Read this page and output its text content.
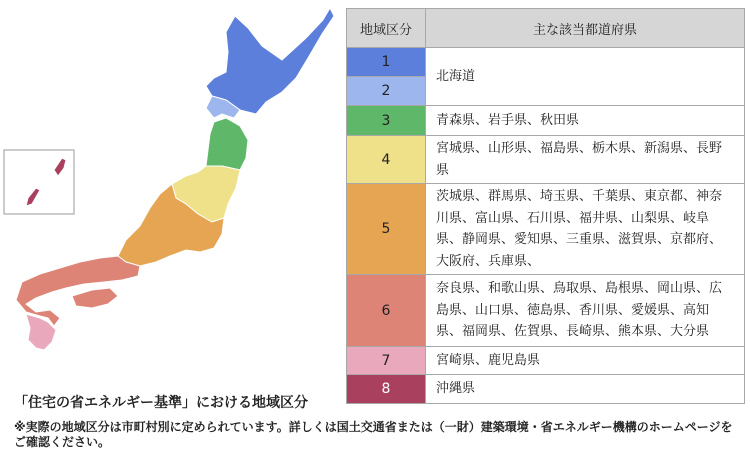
地域区分	主な該当都道府県
1	北海道
2	
3	青森県、岩手県、秋田県
4	宮城県、山形県、福島県、栃木県、新潟県、長野県
5	茨城県、群馬県、埼玉県、千葉県、東京都、神奈川県、富山県、石川県、福井県、山梨県、岐阜県、静岡県、愛知県、三重県、滋賀県、京都府、大阪府、兵庫県、
6	奈良県、和歌山県、鳥取県、島根県、岡山県、広島県、山口県、徳島県、香川県、愛媛県、高知県、福岡県、佐賀県、長崎県、熊本県、大分県
7	宮崎県、鹿児島県
8	沖縄県
「住宅の省エネルギー基準」における地域区分
※実際の地域区分は市町村別に定められています。詳しくは国土交通省または（一財）建築環境・省エネルギー機構のホームページをご確認ください。
